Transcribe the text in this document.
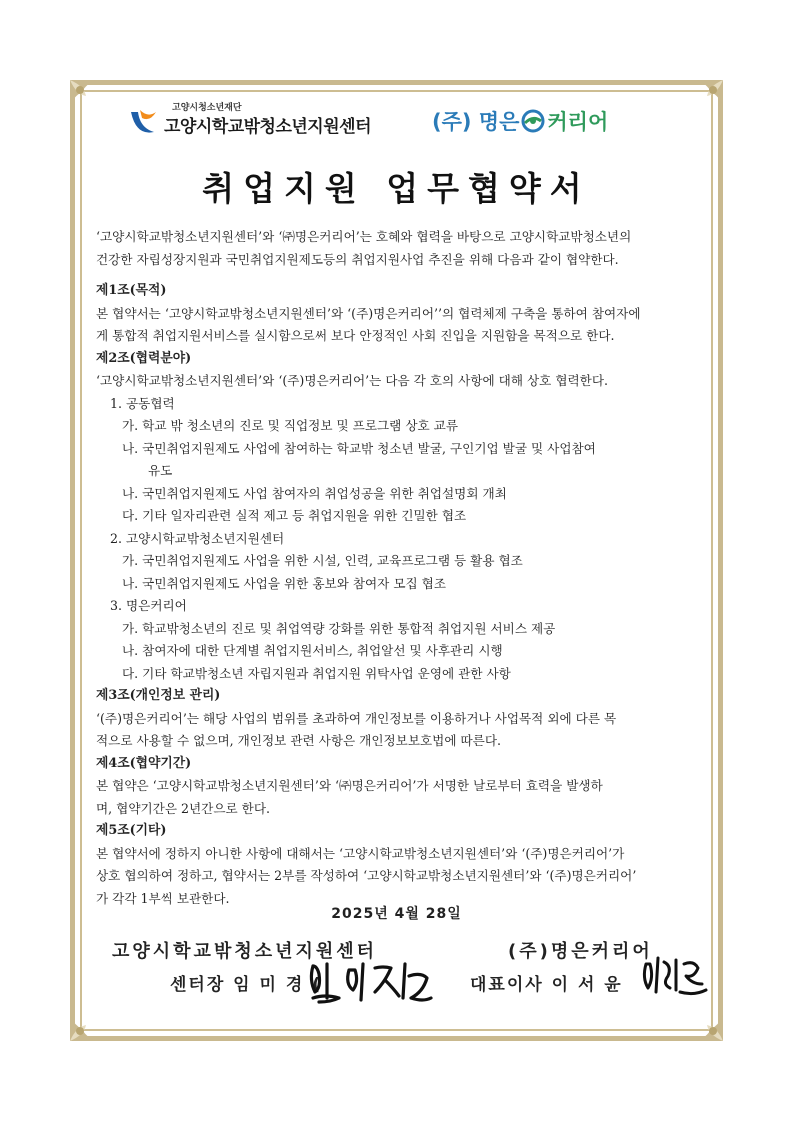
고양시청소년재단
고양시학교밖청소년지원센터	(주) 명은 커리어
취업지원 업무협약서
‘고양시학교밖청소년지원센터’와 ‘㈜명은커리어’는 호혜와 협력을 바탕으로 고양시학교밖청소년의
건강한 자립성장지원과 국민취업지원제도등의 취업지원사업 추진을 위해 다음과 같이 협약한다.
제1조(목적)
본 협약서는 ‘고양시학교밖청소년지원센터’와 ‘(주)명은커리어’’의 협력체제 구축을 통하여 참여자에
게 통합적 취업지원서비스를 실시함으로써 보다 안정적인 사회 진입을 지원함을 목적으로 한다.
제2조(협력분야)
‘고양시학교밖청소년지원센터’와 ‘(주)명은커리어’는 다음 각 호의 사항에 대해 상호 협력한다.
1. 공동협력
가. 학교 밖 청소년의 진로 및 직업정보 및 프로그램 상호 교류
나. 국민취업지원제도 사업에 참여하는 학교밖 청소년 발굴, 구인기업 발굴 및 사업참여
유도
나. 국민취업지원제도 사업 참여자의 취업성공을 위한 취업설명회 개최
다. 기타 일자리관련 실적 제고 등 취업지원을 위한 긴밀한 협조
2. 고양시학교밖청소년지원센터
가. 국민취업지원제도 사업을 위한 시설, 인력, 교육프로그램 등 활용 협조
나. 국민취업지원제도 사업을 위한 홍보와 참여자 모집 협조
3. 명은커리어
가. 학교밖청소년의 진로 및 취업역량 강화를 위한 통합적 취업지원 서비스 제공
나. 참여자에 대한 단계별 취업지원서비스, 취업알선 및 사후관리 시행
다. 기타 학교밖청소년 자립지원과 취업지원 위탁사업 운영에 관한 사항
제3조(개인정보 관리)
‘(주)명은커리어’는 해당 사업의 범위를 초과하여 개인정보를 이용하거나 사업목적 외에 다른 목
적으로 사용할 수 없으며, 개인정보 관련 사항은 개인정보보호법에 따른다.
제4조(협약기간)
본 협약은 ‘고양시학교밖청소년지원센터’와 ‘㈜명은커리어’가 서명한 날로부터 효력을 발생하
며, 협약기간은 2년간으로 한다.
제5조(기타)
본 협약서에 정하지 아니한 사항에 대해서는 ‘고양시학교밖청소년지원센터’와 ‘(주)명은커리어’가
상호 협의하여 정하고, 협약서는 2부를 작성하여 ‘고양시학교밖청소년지원센터’와 ‘(주)명은커리어’
가 각각 1부씩 보관한다.
2025년 4월 28일
고양시학교밖청소년지원센터	(주)명은커리어
센터장 임 미 경 (	대표이사 이 서 윤
